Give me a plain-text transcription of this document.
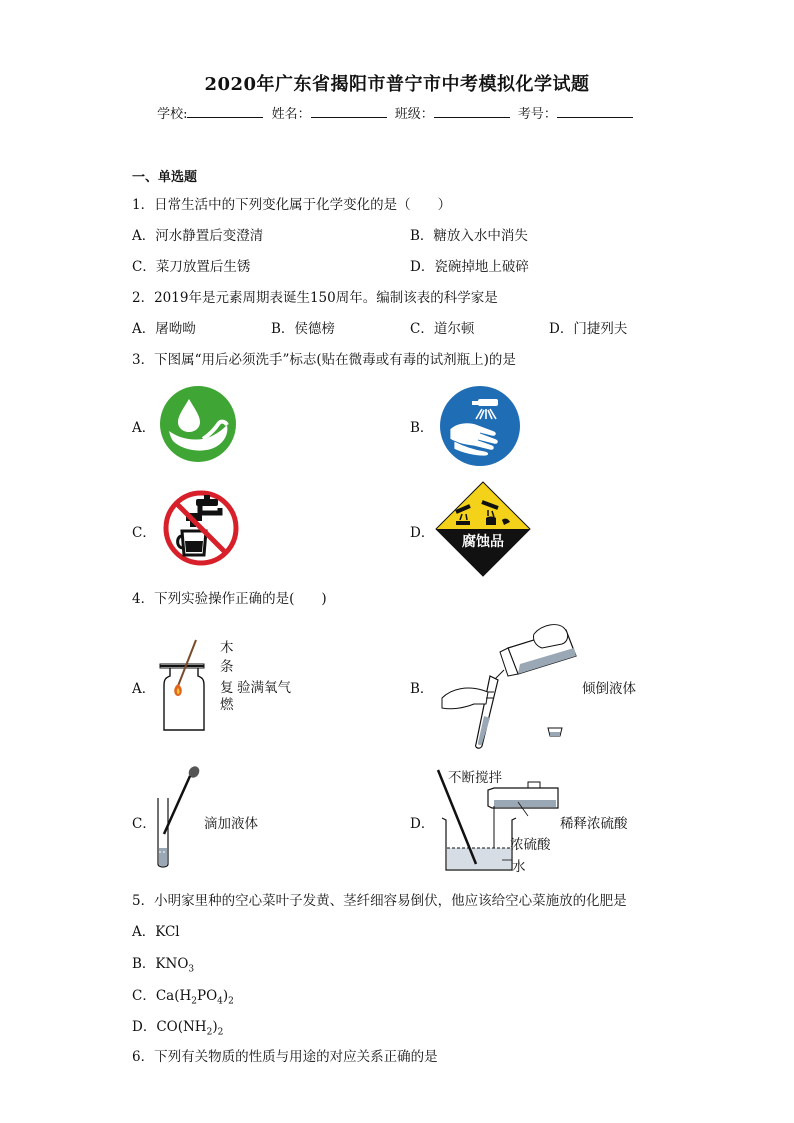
2020年广东省揭阳市普宁市中考模拟化学试题
学校:	姓名：	班级：	考号：
一、单选题
1．日常生活中的下列变化属于化学变化的是（　　）
A．河水静置后变澄清	B．糖放入水中消失
C．菜刀放置后生锈	D．瓷碗掉地上破碎
2．2019年是元素周期表诞生150周年。编制该表的科学家是
A．屠呦呦	B．侯德榜	C．道尔顿	D．门捷列夫
3．下图属“用后必须洗手”标志(贴在微毒或有毒的试剂瓶上)的是
A．	B．
C．	D．
腐蚀品
4．下列实验操作正确的是(　　)
A．	B．
C．	D．
木
条
复 验满氧气
燃
倾倒液体
滴加液体
不断搅拌
稀释浓硫酸
浓硫酸
水
5．小明家里种的空心菜叶子发黄、茎纤细容易倒伏，他应该给空心菜施放的化肥是
A．KCl
B．$KNO_3$
C．$Ca(H_2PO_4)_2$
D．$CO(NH_2)_2$
6．下列有关物质的性质与用途的对应关系正确的是
